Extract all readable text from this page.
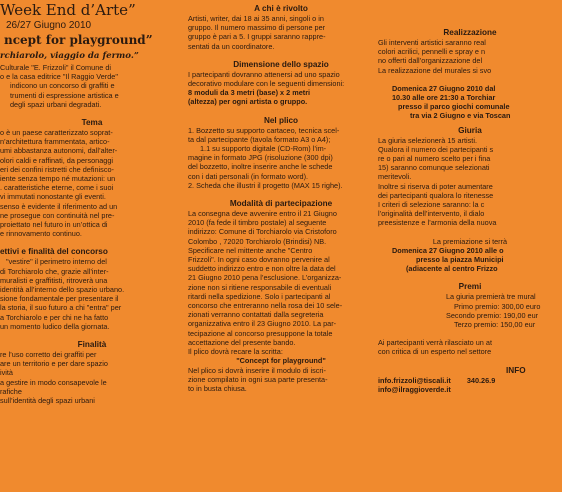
Week End d’Arte”

26/27 Giugno 2010

ncept for playground”

rchiarolo, viaggio da fermo.”

Culturale "E. Frizzoli" il Comune di
o e la casa editrice "Il Raggio Verde"
indicono un concorso di graffiti e
trumenti di espressione artistica e
degli spazi urbani degradati.

Tema

o è un paese caratterizzato soprat-
n’architettura frammentata, artico-
umi abbastanza autonomi, dall’alter-
olori caldi e raffinati, da personaggi
eri dei confini ristretti che definisco-
iente senza tempo né mutazioni: un
. caratteristiche eterne, come i suoi
vi immutati nonostante gli eventi.
senso è evidente il riferimento ad un
ne prosegue con continuità nel pre-
proiettato nel futuro in un’ottica di
e rinnovamento continuo.

ettivi e finalità del concorso

"vestire" il perimetro interno del
di Torchiarolo che, grazie all’inter-
muralisti e graffitisti, ritroverà una
identità all’interno dello spazio urbano.
sione fondamentale per presentare il
la storia, il suo futuro a chi "entra" per
a Torchiarolo e per chi ne ha fatto
un momento ludico della giornata.

Finalità

re l’uso corretto dei graffiti per
are un territorio e per dare spazio
ività
a gestire in modo consapevole le
rafiche
sull’identità degli spazi urbani

A chi è rivolto

Artisti, writer, dai 18 ai 35 anni, singoli o in
gruppo. Il numero massimo di persone per
gruppo è pari a 5. I gruppi saranno rappre-
sentati da un coordinatore.

Dimensione dello spazio

I partecipanti dovranno attenersi ad uno spazio
decorativo modulare con le seguenti dimensioni:
8 moduli da 3 metri (base) x 2 metri
(altezza) per ogni artista o gruppo.

Nel plico

1. Bozzetto su supporto cartaceo, tecnica scel-
ta dal partecipante (tavola formato A3 o A4);
1.1 su supporto digitale (CD-Rom) l’im-
magine in formato JPG (risoluzione (300 dpi)
del bozzetto, inoltre inserire anche le schede
con i dati personali (in formato word).
2. Scheda che illustri il progetto (MAX 15 righe).

Modalità di partecipazione

La consegna deve avvenire entro il 21 Giugno
2010 (fa fede il timbro postale) al seguente
indirizzo: Comune di Torchiarolo via Cristoforo
Colombo , 72020 Torchiarolo (Brindisi) NB.
Specificare nel mittente anche "Centro
Frizzoli". In ogni caso dovranno pervenire al
suddetto indirizzo entro e non oltre la data del
21 Giugno 2010 pena l’esclusione. L’organizza-
zione non si ritiene responsabile di eventuali
ritardi nella spedizione. Solo i partecipanti al
concorso che entreranno nella rosa dei 10 sele-
zionati verranno contattati dalla segreteria
organizzativa entro il 23 Giugno 2010. La par-
tecipazione al concorso presuppone la totale
accettazione del presente bando.
Il plico dovrà recare la scritta:
"Concept for playground"
Nel plico si dovrà inserire il modulo di iscri-
zione compilato in ogni sua parte presenta-
to in busta chiusa.

Realizzazione

Gli interventi artistici saranno real
colori acrilici, pennelli e spray e n
no offerti dall’organizzazione del
La realizzazione del murales si svo
Domenica 27 Giugno 2010 dal
10.30 alle ore 21:30 a Torchiar
presso il parco giochi comunale
tra via 2 Giugno e via Toscan

Giuria

La giuria selezionerà 15 artisti.
Qualora il numero dei partecipanti s
re o pari al numero scelto per i fina
15) saranno comunque selezionati
meritevoli.
Inoltre si riserva di poter aumentare
dei partecipanti qualora lo ritenesse
I criteri di selezione saranno: la c
l’originalità dell’intervento, il dialo
preesistenze e l’armonia della nuova
La premiazione si terrà
Domenica 27 Giugno 2010 alle o
presso la piazza Municipi
(adiacente al centro Frizzo

Premi

La giuria premierà tre mural
Primo premio: 300,00 euro
Secondo premio: 190,00 eur
Terzo premio: 150,00 eur
Ai partecipanti verrà rilasciato un at
con critica di un esperto nel settore

INFO

info.frizzoli@tiscali.it 340.26.9
info@ilraggioverde.it
